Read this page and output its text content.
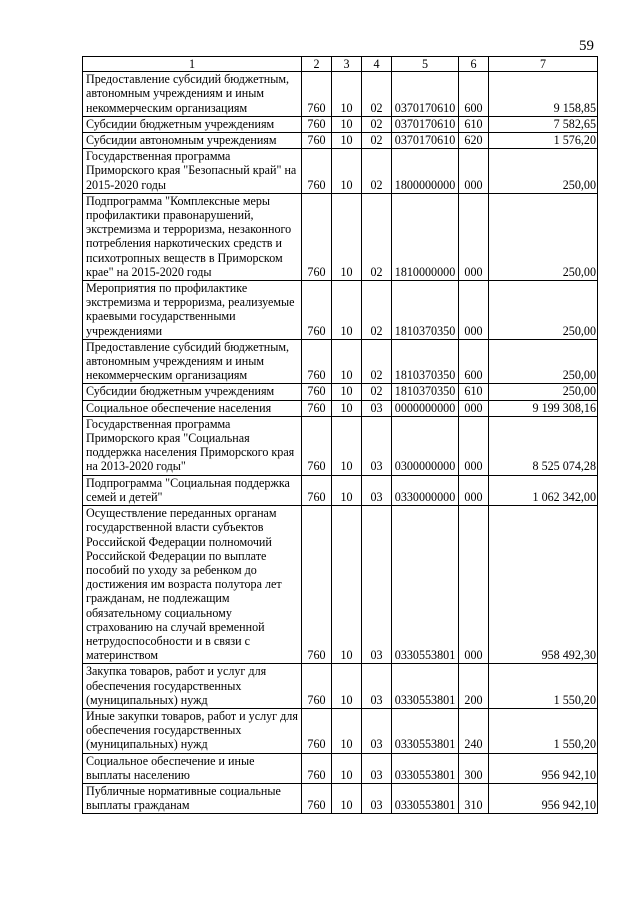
59
1	2	3	4	5	6	7
Предоставление субсидий бюджетным, автономным учреждениям и иным некоммерческим организациям	760	10	02	0370170610	600	9 158,85
Субсидии бюджетным учреждениям	760	10	02	0370170610	610	7 582,65
Субсидии автономным учреждениям	760	10	02	0370170610	620	1 576,20
Государственная программа Приморского края "Безопасный край" на 2015-2020 годы	760	10	02	1800000000	000	250,00
Подпрограмма "Комплексные меры профилактики правонарушений, экстремизма и терроризма, незаконного потребления наркотических средств и психотропных веществ в Приморском крае" на 2015-2020 годы	760	10	02	1810000000	000	250,00
Мероприятия по профилактике экстремизма и терроризма, реализуемые краевыми государственными учреждениями	760	10	02	1810370350	000	250,00
Предоставление субсидий бюджетным, автономным учреждениям и иным некоммерческим организациям	760	10	02	1810370350	600	250,00
Субсидии бюджетным учреждениям	760	10	02	1810370350	610	250,00
Социальное обеспечение населения	760	10	03	0000000000	000	9 199 308,16
Государственная программа Приморского края "Социальная поддержка населения Приморского края на 2013-2020 годы"	760	10	03	0300000000	000	8 525 074,28
Подпрограмма "Социальная поддержка семей и детей"	760	10	03	0330000000	000	1 062 342,00
Осуществление переданных органам государственной власти субъектов Российской Федерации полномочий Российской Федерации по выплате пособий по уходу за ребенком до достижения им возраста полутора лет гражданам, не подлежащим обязательному социальному страхованию на случай временной нетрудоспособности и в связи с материнством	760	10	03	0330553801	000	958 492,30
Закупка товаров, работ и услуг для обеспечения государственных (муниципальных) нужд	760	10	03	0330553801	200	1 550,20
Иные закупки товаров, работ и услуг для обеспечения государственных (муниципальных) нужд	760	10	03	0330553801	240	1 550,20
Социальное обеспечение и иные выплаты населению	760	10	03	0330553801	300	956 942,10
Публичные нормативные социальные выплаты гражданам	760	10	03	0330553801	310	956 942,10
